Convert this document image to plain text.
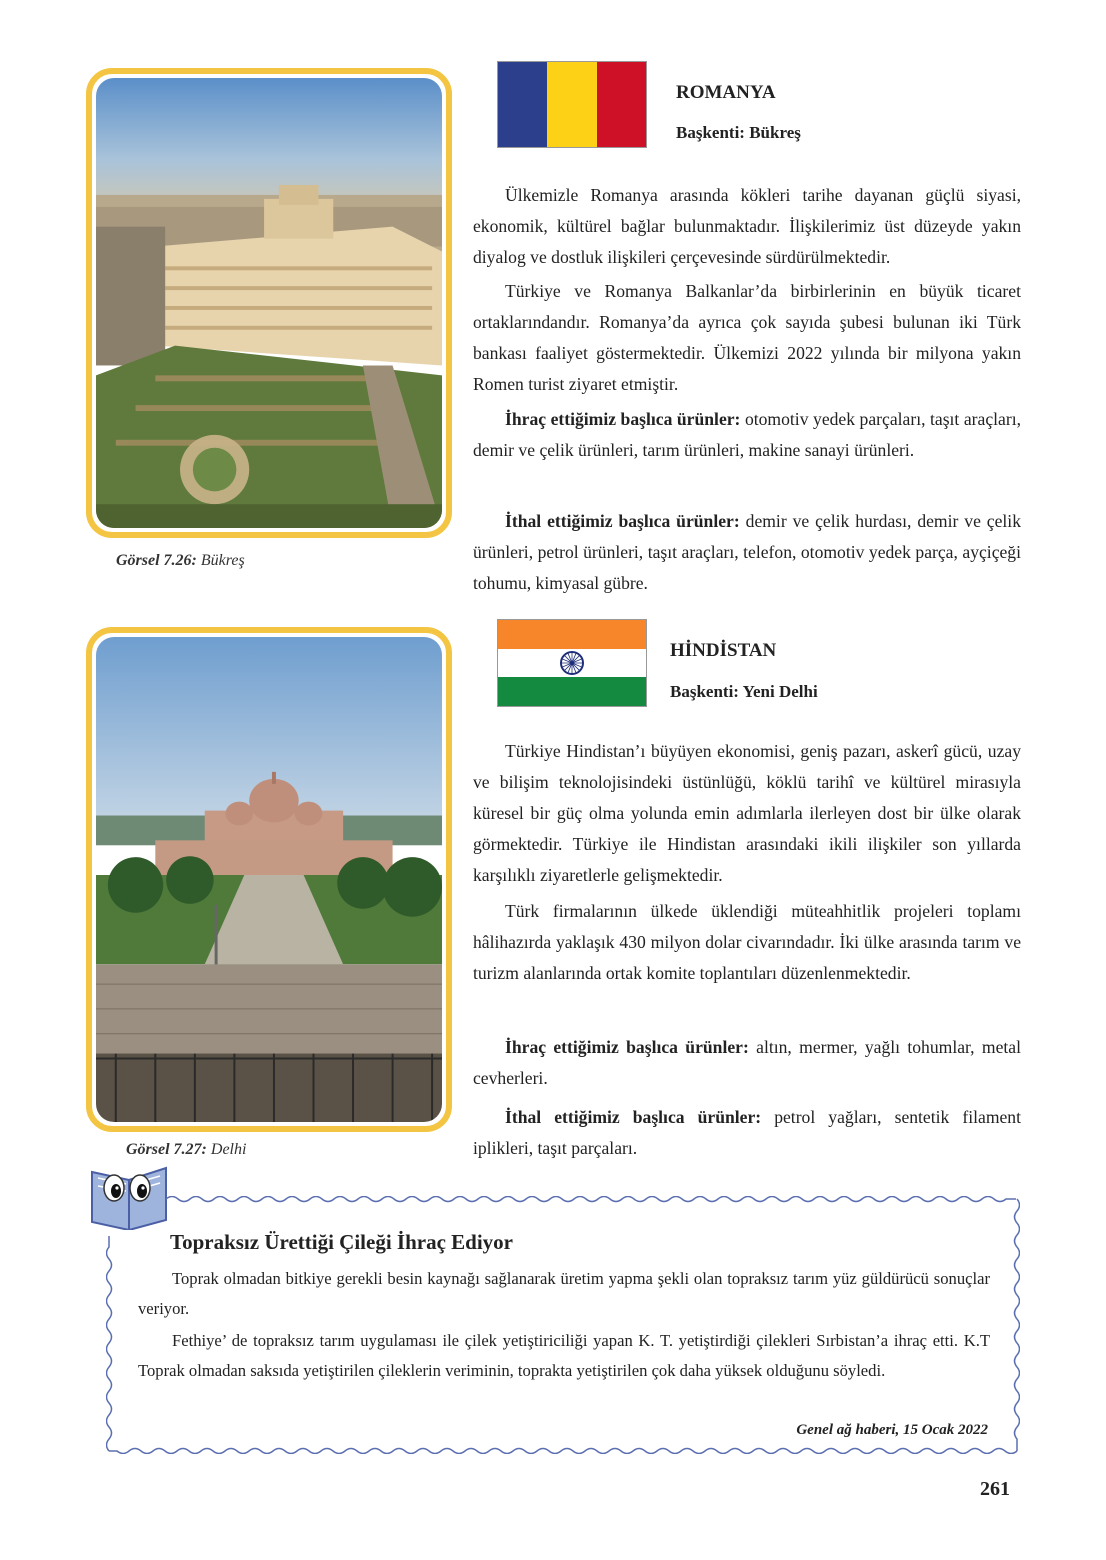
Görsel 7.26: Bükreş
ROMANYA
Başkenti: Bükreş

Ülkemizle Romanya arasında kökleri tarihe dayanan güçlü siyasi, ekonomik, kültürel bağlar bulunmaktadır. İlişkilerimiz üst düzeyde yakın diyalog ve dostluk ilişkileri çerçevesinde sürdürülmektedir.

Türkiye ve Romanya Balkanlar’da birbirlerinin en büyük ticaret ortaklarındandır. Romanya’da ayrıca çok sayıda şubesi bulunan iki Türk bankası faaliyet göstermektedir. Ülkemizi 2022 yılında bir milyona yakın Romen turist ziyaret etmiştir.

İhraç ettiğimiz başlıca ürünler: otomotiv yedek parçaları, taşıt araçları, demir ve çelik ürünleri, tarım ürünleri, makine sanayi ürünleri.

İthal ettiğimiz başlıca ürünler: demir ve çelik hurdası, demir ve çelik ürünleri, petrol ürünleri, taşıt araçları, telefon, otomotiv yedek parça, ayçiçeği tohumu, kimyasal gübre.

Görsel 7.27: Delhi
HİNDİSTAN
Başkenti: Yeni Delhi

Türkiye Hindistan’ı büyüyen ekonomisi, geniş pazarı, askerî gücü, uzay ve bilişim teknolojisindeki üstünlüğü, köklü tarihî ve kültürel mirasıyla küresel bir güç olma yolunda emin adımlarla ilerleyen dost bir ülke olarak görmektedir. Türkiye ile Hindistan arasındaki ikili ilişkiler son yıllarda karşılıklı ziyaretlerle gelişmektedir.

Türk firmalarının ülkede üklendiği müteahhitlik projeleri toplamı hâlihazırda yaklaşık 430 milyon dolar civarındadır. İki ülke arasında tarım ve turizm alanlarında ortak komite toplantıları düzenlenmektedir.

İhraç ettiğimiz başlıca ürünler: altın, mermer, yağlı tohumlar, metal cevherleri.

İthal ettiğimiz başlıca ürünler: petrol yağları, sentetik filament iplikleri, taşıt parçaları.

Topraksız Ürettiği Çileği İhraç Ediyor

Toprak olmadan bitkiye gerekli besin kaynağı sağlanarak üretim yapma şekli olan topraksız tarım yüz güldürücü sonuçlar veriyor.

Fethiye’ de topraksız tarım uygulaması ile çilek yetiştiriciliği yapan K. T. yetiştirdiği çilekleri Sırbistan’a ihraç etti. K.T Toprak olmadan saksıda yetiştirilen çileklerin veriminin, toprakta yetiştirilen çok daha yüksek olduğunu söyledi.

Genel ağ haberi, 15 Ocak 2022
261
